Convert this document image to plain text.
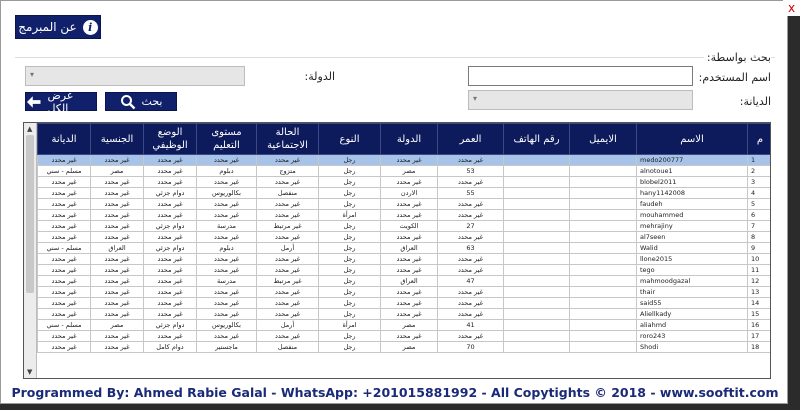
عن المبرمج	i
بحث بواسطة:
اسم المستخدم:
الدولة:
▾
الديانة:
▾
بحث
عرض الكل
▲
▼
الديانة	الجنسية	الوضع الوظيفي	مستوى التعليم	الحالة الاجتماعية	النوع	الدولة	العمر	رقم الهاتف	الايميل	الاسم	م
غير محدد	غير محدد	غير محدد	غير محدد	غير محدد	رجل	غير محدد	غير محدد			medo200777	1
مسلم - سني	مصر	غير محدد	دبلوم	متزوج	رجل	مصر	53			alnotoue1	2
غير محدد	غير محدد	غير محدد	غير محدد	غير محدد	رجل	غير محدد	غير محدد			blobel2011	3
غير محدد	غير محدد	دوام جزئي	بكالوريوس	منفصل	رجل	الاردن	55			hany1142008	4
غير محدد	غير محدد	غير محدد	غير محدد	غير محدد	رجل	غير محدد	غير محدد			faudeh	5
غير محدد	غير محدد	غير محدد	غير محدد	غير محدد	امرأة	غير محدد	غير محدد			mouhammed	6
غير محدد	غير محدد	دوام جزئي	مدرسة	غير مرتبط	رجل	الكويت	27			mehrajiny	7
غير محدد	غير محدد	غير محدد	غير محدد	غير محدد	رجل	غير محدد	غير محدد			al7seen	8
مسلم - سني	العراق	دوام جزئي	دبلوم	أرمل	رجل	العراق	63			Walid	9
غير محدد	غير محدد	غير محدد	غير محدد	غير محدد	رجل	غير محدد	غير محدد			llone2015	10
غير محدد	غير محدد	غير محدد	غير محدد	غير محدد	رجل	غير محدد	غير محدد			tego	11
غير محدد	غير محدد	غير محدد	مدرسة	غير مرتبط	رجل	العراق	47			mahmoodgazal	12
غير محدد	غير محدد	غير محدد	غير محدد	غير محدد	رجل	غير محدد	غير محدد			thair	13
غير محدد	غير محدد	غير محدد	غير محدد	غير محدد	رجل	غير محدد	غير محدد			said55	14
غير محدد	غير محدد	غير محدد	غير محدد	غير محدد	رجل	غير محدد	غير محدد			Aliellkady	15
مسلم - سني	مصر	دوام جزئي	بكالوريوس	أرمل	امرأة	مصر	41			aliahmd	16
غير محدد	غير محدد	غير محدد	غير محدد	غير محدد	رجل	غير محدد	غير محدد			roro243	17
غير محدد	غير محدد	دوام كامل	ماجستير	منفصل	رجل	مصر	70			Shodi	18
Programmed By: Ahmed Rabie Galal - WhatsApp: +201015881992 - All Copytights © 2018 - www.sooftit.com
x
